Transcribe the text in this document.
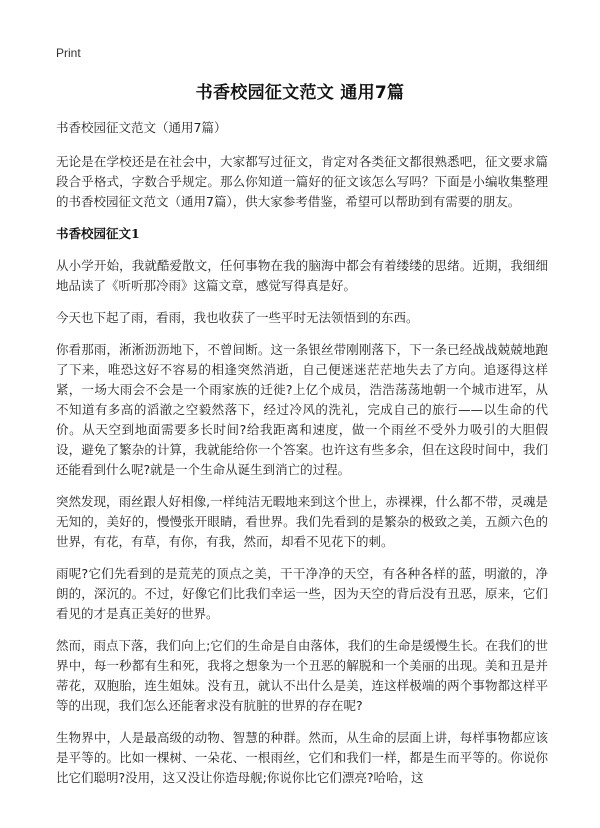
Print
书香校园征文范文 通用7篇

书香校园征文范文（通用7篇）

无论是在学校还是在社会中，大家都写过征文，肯定对各类征文都很熟悉吧，征文要求篇段合乎格式，字数合乎规定。那么你知道一篇好的征文该怎么写吗？下面是小编收集整理的书香校园征文范文（通用7篇），供大家参考借鉴，希望可以帮助到有需要的朋友。

书香校园征文1

从小学开始，我就酷爱散文，任何事物在我的脑海中都会有着缕缕的思绪。近期，我细细地品读了《听听那冷雨》这篇文章，感觉写得真是好。

今天也下起了雨，看雨，我也收获了一些平时无法领悟到的东西。

你看那雨，淅淅沥沥地下，不曾间断。这一条银丝带刚刚落下，下一条已经战战兢兢地跑了下来，唯恐这好不容易的相逢突然消逝，自己便迷迷茫茫地失去了方向。追逐得这样紧，一场大雨会不会是一个雨家族的迁徙?上亿个成员，浩浩荡荡地朝一个城市进军，从不知道有多高的滔澈之空毅然落下，经过冷风的洗礼，完成自己的旅行——以生命的代价。从天空到地面需要多长时间?给我距离和速度，做一个雨丝不受外力吸引的大胆假设，避免了繁杂的计算，我就能给你一个答案。也许这有些多余，但在这段时间中，我们还能看到什么呢?就是一个生命从诞生到消亡的过程。

突然发现，雨丝跟人好相像,一样纯洁无暇地来到这个世上，赤裸裸，什么都不带，灵魂是无知的，美好的，慢慢张开眼睛，看世界。我们先看到的是繁杂的极致之美，五颜六色的世界，有花，有草，有你，有我，然而，却看不见花下的刺。

雨呢?它们先看到的是荒芜的顶点之美，干干净净的天空，有各种各样的蓝，明澈的，净朗的，深沉的。不过，好像它们比我们幸运一些，因为天空的背后没有丑恶，原来，它们看见的才是真正美好的世界。

然而，雨点下落，我们向上;它们的生命是自由落体，我们的生命是缓慢生长。在我们的世界中，每一秒都有生和死，我将之想象为一个丑恶的解脱和一个美丽的出现。美和丑是并蒂花，双胞胎，连生姐妹。没有丑，就认不出什么是美，连这样极端的两个事物都这样平等的出现，我们怎么还能奢求没有肮脏的世界的存在呢?

生物界中，人是最高级的动物、智慧的种群。然而，从生命的层面上讲，每样事物都应该是平等的。比如一棵树、一朵花、一根雨丝，它们和我们一样，都是生而平等的。你说你比它们聪明?没用，这又没让你造母舰;你说你比它们漂亮?哈哈，这
